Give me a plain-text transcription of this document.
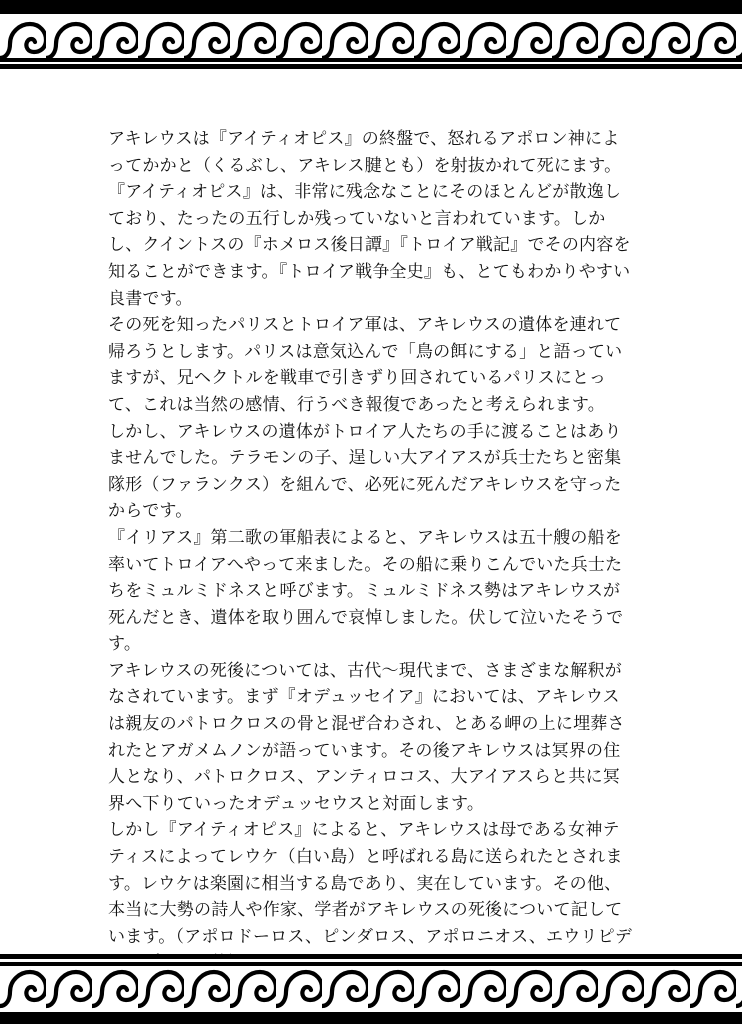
アキレウスは『アイティオピス』の終盤で、怒れるアポロン神によってかかと（くるぶし、アキレス腱とも）を射抜かれて死にます。

『アイティオピス』は、非常に残念なことにそのほとんどが散逸しており、たったの五行しか残っていないと言われています。しかし、クイントスの『ホメロス後日譚』『トロイア戦記』でその内容を知ることができます。『トロイア戦争全史』も、とてもわかりやすい良書です。

その死を知ったパリスとトロイア軍は、アキレウスの遺体を連れて帰ろうとします。パリスは意気込んで「鳥の餌にする」と語っていますが、兄ヘクトルを戦車で引きずり回されているパリスにとって、これは当然の感情、行うべき報復であったと考えられます。

しかし、アキレウスの遺体がトロイア人たちの手に渡ることはありませんでした。テラモンの子、逞しい大アイアスが兵士たちと密集隊形（ファランクス）を組んで、必死に死んだアキレウスを守ったからです。

『イリアス』第二歌の軍船表によると、アキレウスは五十艘の船を率いてトロイアへやって来ました。その船に乗りこんでいた兵士たちをミュルミドネスと呼びます。ミュルミドネス勢はアキレウスが死んだとき、遺体を取り囲んで哀悼しました。伏して泣いたそうです。

アキレウスの死後については、古代〜現代まで、さまざまな解釈がなされています。まず『オデュッセイア』においては、アキレウスは親友のパトロクロスの骨と混ぜ合わされ、とある岬の上に埋葬されたとアガメムノンが語っています。その後アキレウスは冥界の住人となり、パトロクロス、アンティロコス、大アイアスらと共に冥界へ下りていったオデュッセウスと対面します。

しかし『アイティオピス』によると、アキレウスは母である女神テティスによってレウケ（白い島）と呼ばれる島に送られたとされます。レウケは楽園に相当する島であり、実在しています。その他、本当に大勢の詩人や作家、学者がアキレウスの死後について記しています。（アポロドーロス、ピンダロス、アポロニオス、エウリピデ
